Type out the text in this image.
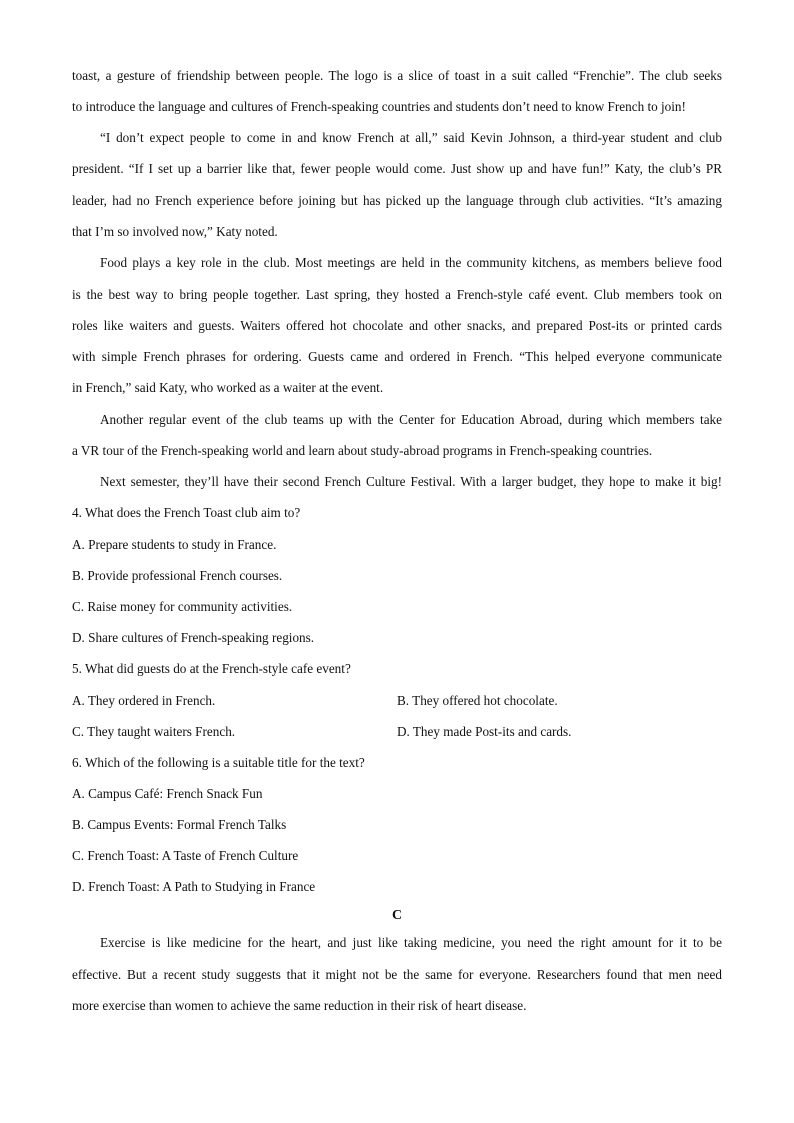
toast, a gesture of friendship between people. The logo is a slice of toast in a suit called “Frenchie”. The club seeks
to introduce the language and cultures of French-speaking countries and students don’t need to know French to join!
“I don’t expect people to come in and know French at all,” said Kevin Johnson, a third-year student and club
president. “If I set up a barrier like that, fewer people would come. Just show up and have fun!” Katy, the club’s PR
leader, had no French experience before joining but has picked up the language through club activities. “It’s amazing
that I’m so involved now,” Katy noted.
Food plays a key role in the club. Most meetings are held in the community kitchens, as members believe food
is the best way to bring people together. Last spring, they hosted a French-style café event. Club members took on
roles like waiters and guests. Waiters offered hot chocolate and other snacks, and prepared Post-its or printed cards
with simple French phrases for ordering. Guests came and ordered in French. “This helped everyone communicate
in French,” said Katy, who worked as a waiter at the event.
Another regular event of the club teams up with the Center for Education Abroad, during which members take
a VR tour of the French-speaking world and learn about study-abroad programs in French-speaking countries.
Next semester, they’ll have their second French Culture Festival. With a larger budget, they hope to make it big!
4. What does the French Toast club aim to?
A. Prepare students to study in France.
B. Provide professional French courses.
C. Raise money for community activities.
D. Share cultures of French-speaking regions.
5. What did guests do at the French-style cafe event?
A. They ordered in French.	B. They offered hot chocolate.
C. They taught waiters French.	D. They made Post-its and cards.
6. Which of the following is a suitable title for the text?
A. Campus Café: French Snack Fun
B. Campus Events: Formal French Talks
C. French Toast: A Taste of French Culture
D. French Toast: A Path to Studying in France
C
Exercise is like medicine for the heart, and just like taking medicine, you need the right amount for it to be
effective. But a recent study suggests that it might not be the same for everyone. Researchers found that men need
more exercise than women to achieve the same reduction in their risk of heart disease.
